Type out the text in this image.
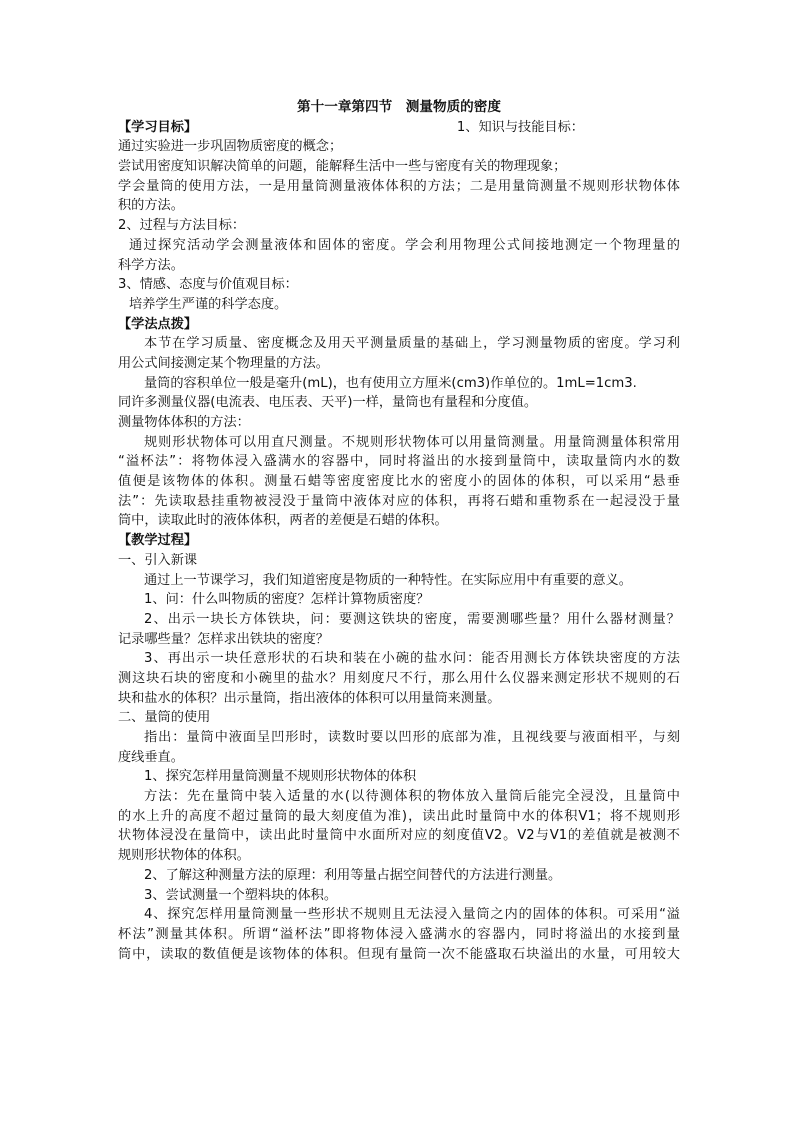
第十一章第四节　测量物质的密度
【学习目标】	1、知识与技能目标：
通过实验进一步巩固物质密度的概念；
尝试用密度知识解决简单的问题，能解释生活中一些与密度有关的物理现象；
学会量筒的使用方法，一是用量筒测量液体体积的方法；二是用量筒测量不规则形状物体体
积的方法。
2、过程与方法目标：
通过探究活动学会测量液体和固体的密度。学会利用物理公式间接地测定一个物理量的
科学方法。
3、情感、态度与价值观目标：
培养学生严谨的科学态度。
【学法点拨】
本节在学习质量、密度概念及用天平测量质量的基础上，学习测量物质的密度。学习利
用公式间接测定某个物理量的方法。
量筒的容积单位一般是毫升(mL)，也有使用立方厘米(cm3)作单位的。1mL=1cm3.
同许多测量仪器(电流表、电压表、天平)一样，量筒也有量程和分度值。
测量物体体积的方法：
规则形状物体可以用直尺测量。不规则形状物体可以用量筒测量。用量筒测量体积常用
“溢杯法”：将物体浸入盛满水的容器中，同时将溢出的水接到量筒中，读取量筒内水的数
值便是该物体的体积。测量石蜡等密度密度比水的密度小的固体的体积，可以采用“悬垂
法”：先读取悬挂重物被浸没于量筒中液体对应的体积，再将石蜡和重物系在一起浸没于量
筒中，读取此时的液体体积，两者的差便是石蜡的体积。
【教学过程】
一、引入新课
通过上一节课学习，我们知道密度是物质的一种特性。在实际应用中有重要的意义。
1、问：什么叫物质的密度？怎样计算物质密度？
2、出示一块长方体铁块，问：要测这铁块的密度，需要测哪些量？用什么器材测量？
记录哪些量？怎样求出铁块的密度？
3、再出示一块任意形状的石块和装在小碗的盐水问：能否用测长方体铁块密度的方法
测这块石块的密度和小碗里的盐水？用刻度尺不行，那么用什么仪器来测定形状不规则的石
块和盐水的体积？出示量筒，指出液体的体积可以用量筒来测量。
二、量筒的使用
指出：量筒中液面呈凹形时，读数时要以凹形的底部为准，且视线要与液面相平，与刻
度线垂直。
1、探究怎样用量筒测量不规则形状物体的体积
方法：先在量筒中装入适量的水(以待测体积的物体放入量筒后能完全浸没，且量筒中
的水上升的高度不超过量筒的最大刻度值为准)，读出此时量筒中水的体积V1；将不规则形
状物体浸没在量筒中，读出此时量筒中水面所对应的刻度值V2。V2与V1的差值就是被测不
规则形状物体的体积。
2、了解这种测量方法的原理：利用等量占据空间替代的方法进行测量。
3、尝试测量一个塑料块的体积。
4、探究怎样用量筒测量一些形状不规则且无法浸入量筒之内的固体的体积。可采用“溢
杯法”测量其体积。所谓“溢杯法”即将物体浸入盛满水的容器内，同时将溢出的水接到量
筒中，读取的数值便是该物体的体积。但现有量筒一次不能盛取石块溢出的水量，可用较大
